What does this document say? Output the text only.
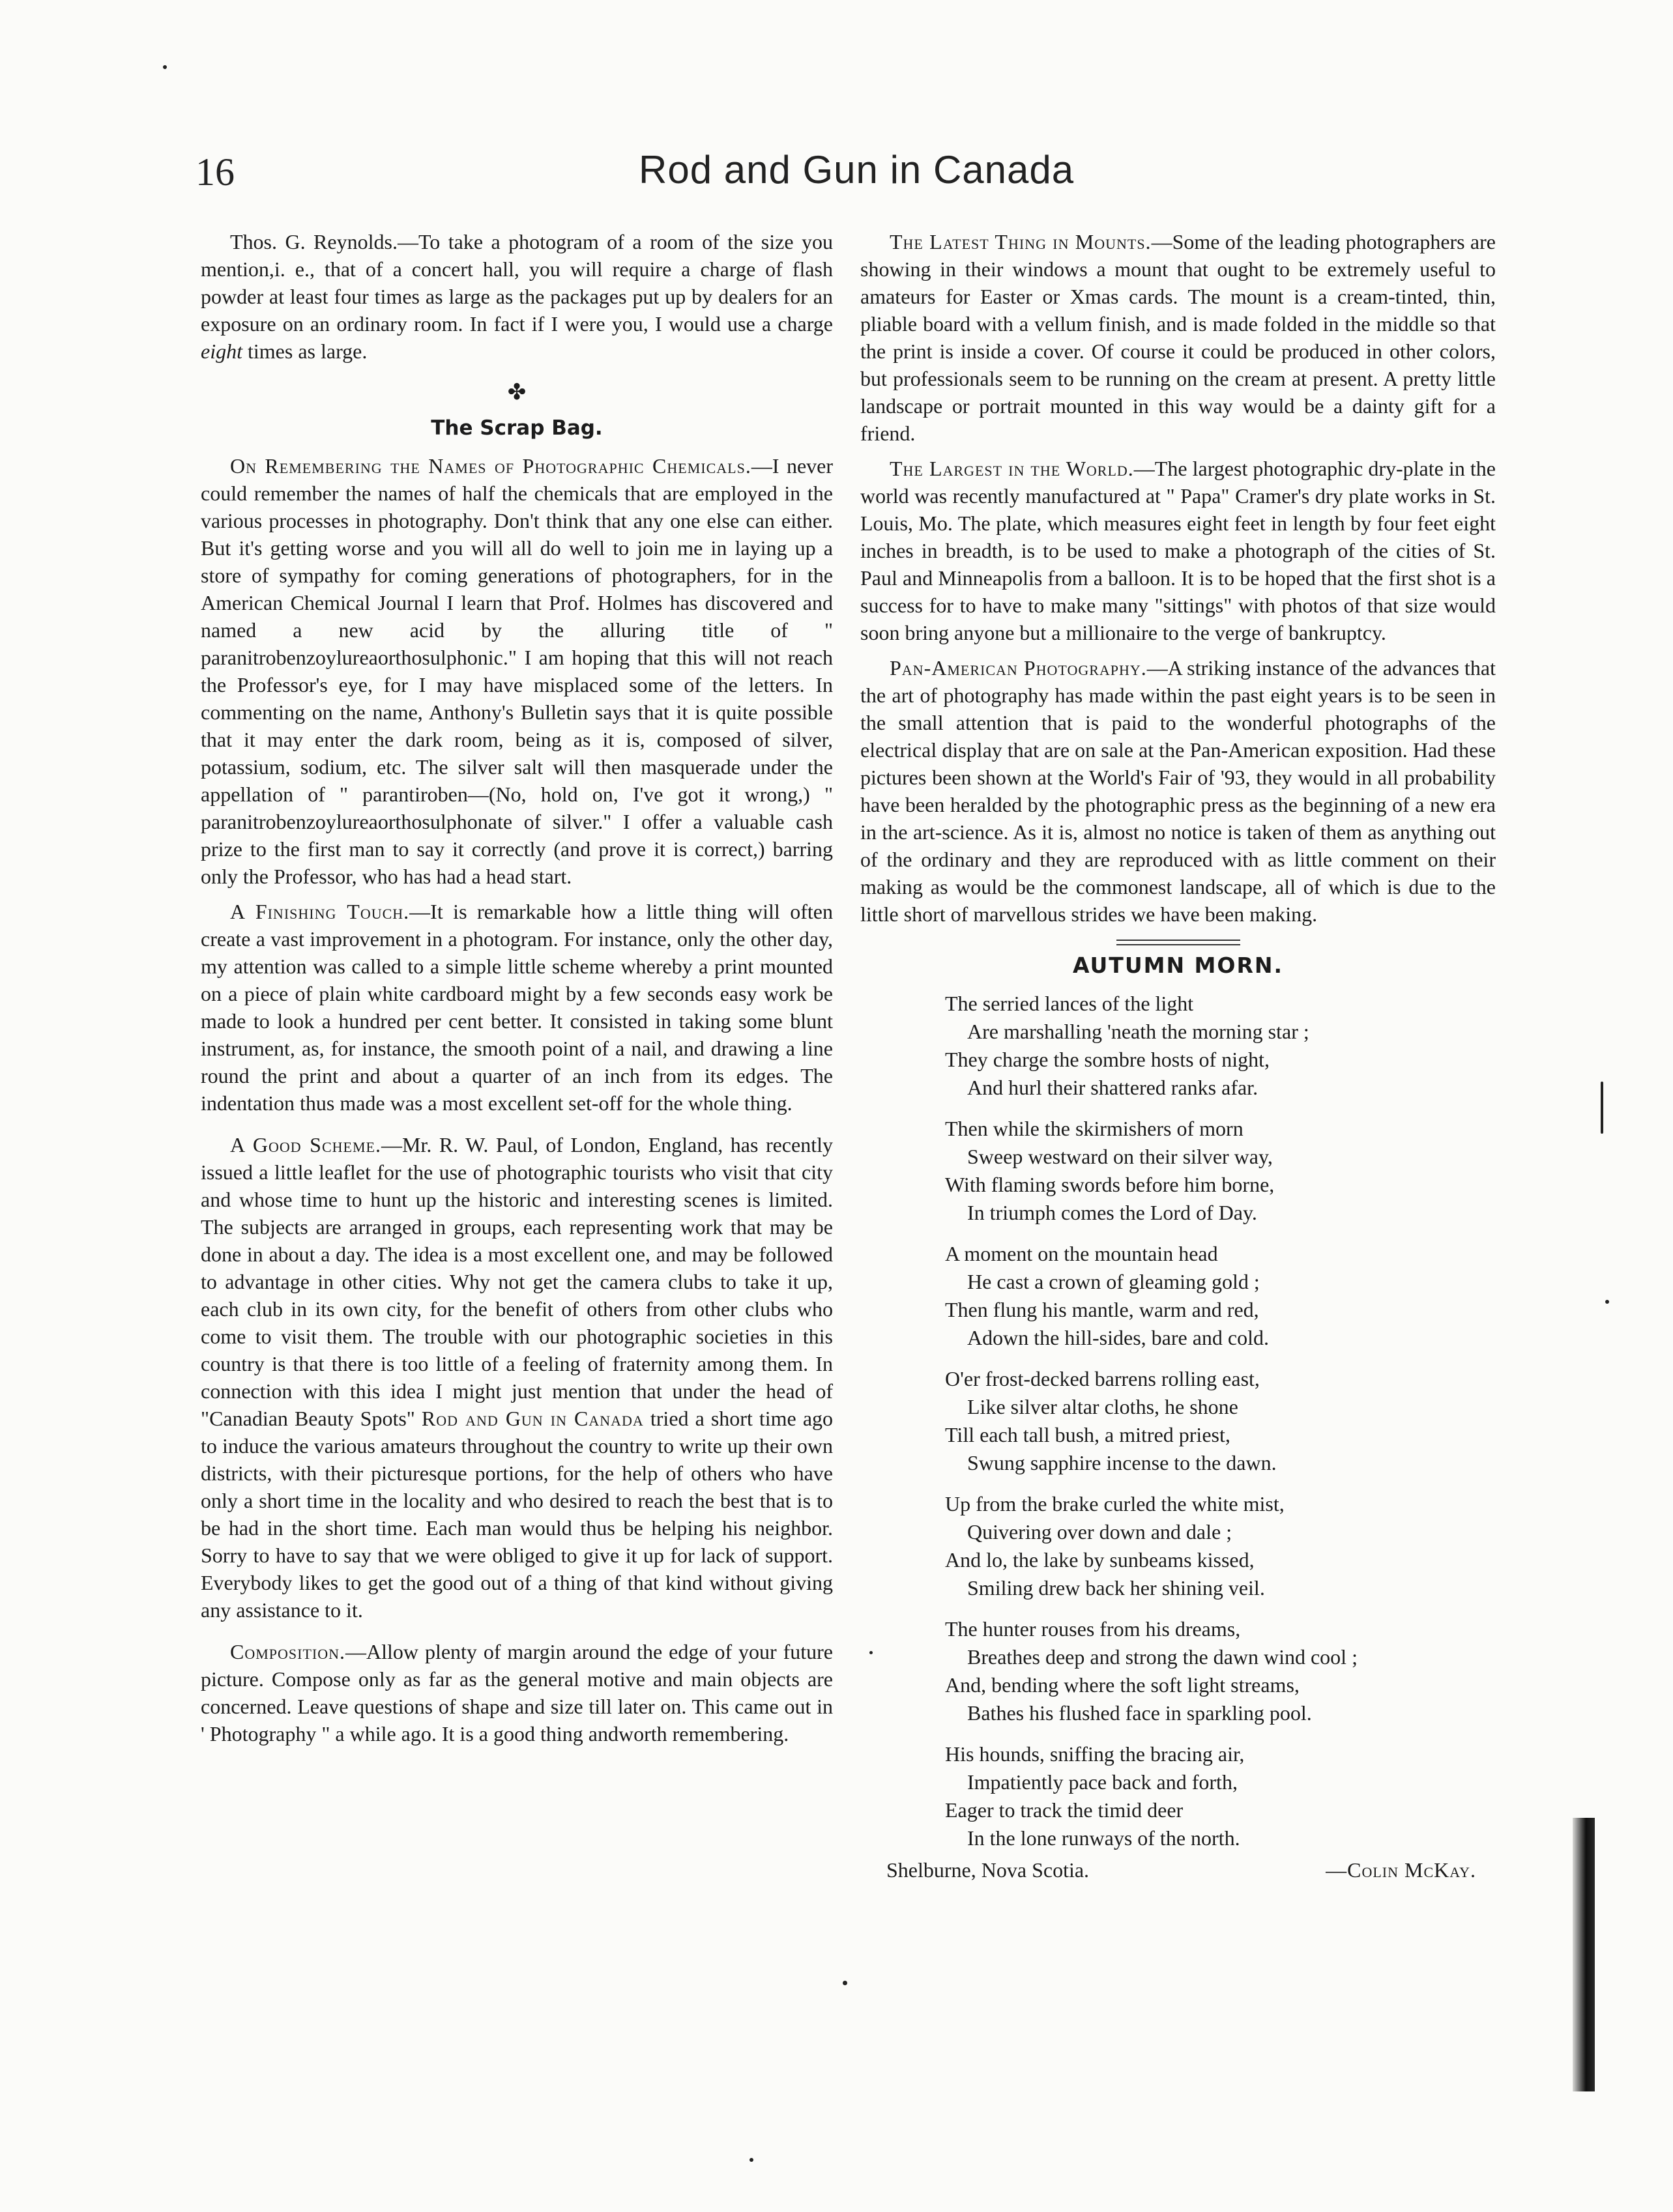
16	Rod and Gun in Canada

Thos. G. Reynolds.—To take a photogram of a room of the size you mention,i. e., that of a concert hall, you will require a charge of flash powder at least four times as large as the packages put up by dealers for an exposure on an ordinary room. In fact if I were you, I would use a charge eight times as large.

✤
The Scrap Bag.

On Remembering the Names of Photographic Chemicals.—I never could remember the names of half the chemicals that are employed in the various processes in photography. Don't think that any one else can either. But it's getting worse and you will all do well to join me in laying up a store of sympathy for coming generations of photographers, for in the American Chemical Journal I learn that Prof. Holmes has discovered and named a new acid by the alluring title of " paranitrobenzoylureaorthosulphonic." I am hoping that this will not reach the Professor's eye, for I may have misplaced some of the letters. In commenting on the name, Anthony's Bulletin says that it is quite possible that it may enter the dark room, being as it is, composed of silver, potassium, sodium, etc. The silver salt will then masquerade under the appellation of " parantiroben—(No, hold on, I've got it wrong,) " paranitrobenzoylureaorthosulphonate of silver." I offer a valuable cash prize to the first man to say it correctly (and prove it is correct,) barring only the Professor, who has had a head start.

A Finishing Touch.—It is remarkable how a little thing will often create a vast improvement in a photogram. For instance, only the other day, my attention was called to a simple little scheme whereby a print mounted on a piece of plain white cardboard might by a few seconds easy work be made to look a hundred per cent better. It consisted in taking some blunt instrument, as, for instance, the smooth point of a nail, and drawing a line round the print and about a quarter of an inch from its edges. The indentation thus made was a most excellent set-off for the whole thing.

A Good Scheme.—Mr. R. W. Paul, of London, England, has recently issued a little leaflet for the use of photographic tourists who visit that city and whose time to hunt up the historic and interesting scenes is limited. The subjects are arranged in groups, each representing work that may be done in about a day. The idea is a most excellent one, and may be followed to advantage in other cities. Why not get the camera clubs to take it up, each club in its own city, for the benefit of others from other clubs who come to visit them. The trouble with our photographic societies in this country is that there is too little of a feeling of fraternity among them. In connection with this idea I might just mention that under the head of "Canadian Beauty Spots" Rod and Gun in Canada tried a short time ago to induce the various amateurs throughout the country to write up their own districts, with their picturesque portions, for the help of others who have only a short time in the locality and who desired to reach the best that is to be had in the short time. Each man would thus be helping his neighbor. Sorry to have to say that we were obliged to give it up for lack of support. Everybody likes to get the good out of a thing of that kind without giving any assistance to it.

Composition.—Allow plenty of margin around the edge of your future picture. Compose only as far as the general motive and main objects are concerned. Leave questions of shape and size till later on. This came out in ' Photography " a while ago. It is a good thing andworth remembering.

The Latest Thing in Mounts.—Some of the leading photographers are showing in their windows a mount that ought to be extremely useful to amateurs for Easter or Xmas cards. The mount is a cream-tinted, thin, pliable board with a vellum finish, and is made folded in the middle so that the print is inside a cover. Of course it could be produced in other colors, but professionals seem to be running on the cream at present. A pretty little landscape or portrait mounted in this way would be a dainty gift for a friend.

The Largest in the World.—The largest photographic dry-plate in the world was recently manufactured at " Papa" Cramer's dry plate works in St. Louis, Mo. The plate, which measures eight feet in length by four feet eight inches in breadth, is to be used to make a photograph of the cities of St. Paul and Minneapolis from a balloon. It is to be hoped that the first shot is a success for to have to make many "sittings" with photos of that size would soon bring anyone but a millionaire to the verge of bankruptcy.

Pan-American Photography.—A striking instance of the advances that the art of photography has made within the past eight years is to be seen in the small attention that is paid to the wonderful photographs of the electrical display that are on sale at the Pan-American exposition. Had these pictures been shown at the World's Fair of '93, they would in all probability have been heralded by the photographic press as the beginning of a new era in the art-science. As it is, almost no notice is taken of them as anything out of the ordinary and they are reproduced with as little comment on their making as would be the commonest landscape, all of which is due to the little short of marvellous strides we have been making.

AUTUMN MORN.
The serried lances of the light
Are marshalling 'neath the morning star ;
They charge the sombre hosts of night,
And hurl their shattered ranks afar.
Then while the skirmishers of morn
Sweep westward on their silver way,
With flaming swords before him borne,
In triumph comes the Lord of Day.
A moment on the mountain head
He cast a crown of gleaming gold ;
Then flung his mantle, warm and red,
Adown the hill-sides, bare and cold.
O'er frost-decked barrens rolling east,
Like silver altar cloths, he shone
Till each tall bush, a mitred priest,
Swung sapphire incense to the dawn.
Up from the brake curled the white mist,
Quivering over down and dale ;
And lo, the lake by sunbeams kissed,
Smiling drew back her shining veil.
The hunter rouses from his dreams,
Breathes deep and strong the dawn wind cool ;
And, bending where the soft light streams,
Bathes his flushed face in sparkling pool.
His hounds, sniffing the bracing air,
Impatiently pace back and forth,
Eager to track the timid deer
In the lone runways of the north.
Shelburne, Nova Scotia.	—Colin McKay.
